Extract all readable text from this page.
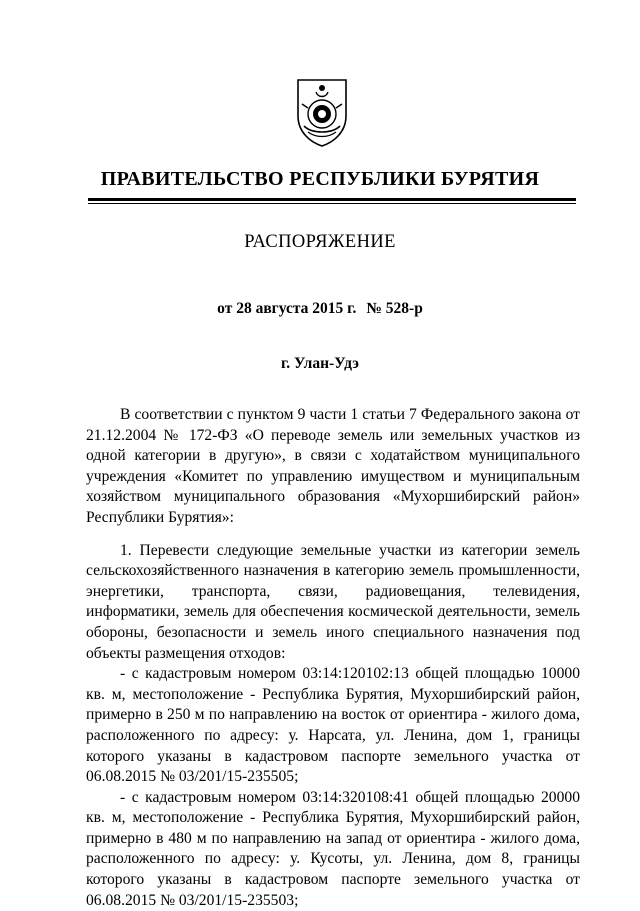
ПРАВИТЕЛЬСТВО РЕСПУБЛИКИ БУРЯТИЯ
РАСПОРЯЖЕНИЕ
от 28 августа 2015 г. № 528-р
г. Улан-Удэ

В соответствии с пунктом 9 части 1 статьи 7 Федерального закона от 21.12.2004 № 172-ФЗ «О переводе земель или земельных участков из одной категории в другую», в связи с ходатайством муниципального учреждения «Комитет по управлению имуществом и муниципальным хозяйством муниципального образования «Мухоршибирский район» Республики Бурятия»:

1. Перевести следующие земельные участки из категории земель сельскохозяйственного назначения в категорию земель промышленности, энергетики, транспорта, связи, радиовещания, телевидения, информатики, земель для обеспечения космической деятельности, земель обороны, безопасности и земель иного специального назначения под объекты размещения отходов:

- с кадастровым номером 03:14:120102:13 общей площадью 10000 кв. м, местоположение - Республика Бурятия, Мухоршибирский район, примерно в 250 м по направлению на восток от ориентира - жилого дома, расположенного по адресу: у. Нарсата, ул. Ленина, дом 1, границы которого указаны в кадастровом паспорте земельного участка от 06.08.2015 № 03/201/15-235505;

- с кадастровым номером 03:14:320108:41 общей площадью 20000 кв. м, местоположение - Республика Бурятия, Мухоршибирский район, примерно в 480 м по направлению на запад от ориентира - жилого дома, расположенного по адресу: у. Кусоты, ул. Ленина, дом 8, границы которого указаны в кадастровом паспорте земельного участка от 06.08.2015 № 03/201/15-235503;
